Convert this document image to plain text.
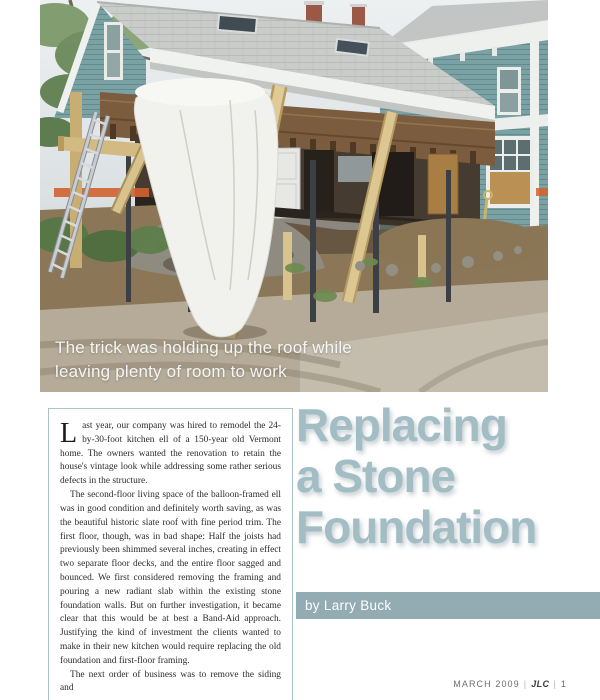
The trick was holding up the roof while
leaving plenty of room to work

Last year, our company was hired to remodel the 24-by-30-foot kitchen ell of a 150-year old Vermont home. The owners wanted the renovation to retain the house's vintage look while addressing some rather serious defects in the structure.

The second-floor living space of the balloon-framed ell was in good condition and definitely worth saving, as was the beautiful historic slate roof with fine period trim. The first floor, though, was in bad shape: Half the joists had previously been shimmed several inches, creating in effect two separate floor decks, and the entire floor sagged and bounced. We first considered removing the framing and pouring a new radiant slab within the existing stone foundation walls. But on further investigation, it became clear that this would be at best a Band-Aid approach. Justifying the kind of investment the clients wanted to make in their new kitchen would require replacing the old foundation and first-floor framing.

The next order of business was to remove the siding and

Replacing
a Stone
Foundation
by Larry Buck
MARCH 2009 | JLC | 1
